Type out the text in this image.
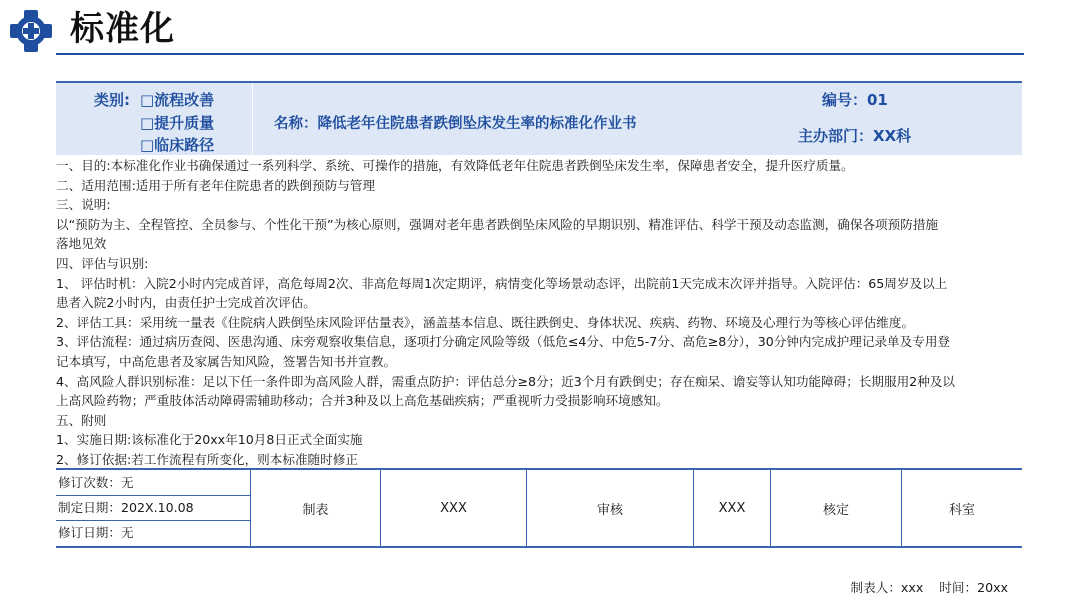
标准化
类别: □流程改善
□提升质量
□临床路径
名称：降低老年住院患者跌倒坠床发生率的标准化作业书
编号：01
主办部门：XX科
一、目的:本标准化作业书确保通过一系列科学、系统、可操作的措施，有效降低老年住院患者跌倒坠床发生率，保障患者安全，提升医疗质量。
二、适用范围:适用于所有老年住院患者的跌倒预防与管理
三、说明:
以“预防为主、全程管控、全员参与、个性化干预”为核心原则，强调对老年患者跌倒坠床风险的早期识别、精准评估、科学干预及动态监测，确保各项预防措施
落地见效
四、评估与识别:
1、 评估时机：入院2小时内完成首评，高危每周2次、非高危每周1次定期评，病情变化等场景动态评，出院前1天完成末次评并指导。入院评估：65周岁及以上
患者入院2小时内，由责任护士完成首次评估。
2、评估工具：采用统一量表《住院病人跌倒坠床风险评估量表》，涵盖基本信息、既往跌倒史、身体状况、疾病、药物、环境及心理行为等核心评估维度。
3、评估流程：通过病历查阅、医患沟通、床旁观察收集信息，逐项打分确定风险等级（低危≤4分、中危5-7分、高危≥8分），30分钟内完成护理记录单及专用登
记本填写，中高危患者及家属告知风险，签署告知书并宣教。
4、高风险人群识别标准：足以下任一条件即为高风险人群，需重点防护：评估总分≥8分；近3个月有跌倒史；存在痴呆、谵妄等认知功能障碍；长期服用2种及以
上高风险药物；严重肢体活动障碍需辅助移动；合并3种及以上高危基础疾病；严重视听力受损影响环境感知。
五、附则
1、实施日期:该标准化于20xx年10月8日正式全面实施
2、修订依据:若工作流程有所变化，则本标准随时修正
修订次数：无
制定日期：202X.10.08
修订日期：无
制表	XXX	审核	XXX	核定	科室
制表人：xxx 时间：20xx
